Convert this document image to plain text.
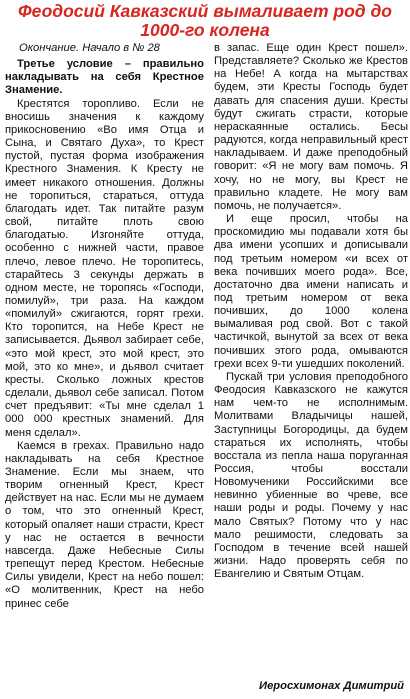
Феодосий Кавказский вымаливает род до 1000-го колена

Окончание. Начало в № 28

Третье условие – правильно накладывать на себя Крестное Знамение.

Крестятся торопливо. Если не вносишь значения к каждому прикосновению «Во имя Отца и Сына, и Святаго Духа», то Крест пустой, пустая форма изображения Крестного Знамения. К Кресту не имеет никакого отношения. Должны не торопиться, стараться, оттуда благодать идет. Так питайте разум свой, питайте плоть свою благодатью. Изгоняйте оттуда, особенно с нижней части, правое плечо, левое плечо. Не торопитесь, старайтесь 3 секунды держать в одном месте, не торопясь «Господи, помилуй», три раза. На каждом «помилуй» сжигаются, горят грехи. Кто торопится, на Небе Крест не записывается. Дьявол забирает себе, «это мой крест, это мой крест, это мой, это ко мне», и дьявол считает кресты. Сколько ложных крестов сделали, дьявол себе записал. Потом счет предъявит: «Ты мне сделал 1 000 000 крестных знамений. Для меня сделал».

Каемся в грехах. Правильно надо накладывать на себя Крестное Знамение. Если мы знаем, что творим огненный Крест, Крест действует на нас. Если мы не думаем о том, что это огненный Крест, который опаляет наши страсти, Крест у нас не остается в вечности навсегда. Даже Небесные Силы трепещут перед Крестом. Небесные Силы увидели, Крест на небо пошел: «О молитвенник, Крест на небо принес себе

в запас. Еще один Крест пошел». Представляете? Сколько же Крестов на Небе! А когда на мытарствах будем, эти Кресты Господь будет давать для спасения души. Кресты будут сжигать страсти, которые нераскаянные остались. Бесы радуются, когда неправильный крест накладываем. И даже преподобный говорит: «Я не могу вам помочь. Я хочу, но не могу, вы Крест не правильно кладете. Не могу вам помочь, не получается».

И еще просил, чтобы на проскомидию мы подавали хотя бы два имени усопших и дописывали под третьим номером «и всех от века почивших моего рода». Все, достаточно два имени написать и под третьим номером от века почивших, до 1000 колена вымаливая род свой. Вот с такой частичкой, вынутой за всех от века почивших этого рода, омываются грехи всех 9-ти ушедших поколений.

Пускай три условия преподобного Феодосия Кавказского не кажутся нам чем-то не исполнимым. Молитвами Владычицы нашей, Заступницы Богородицы, да будем стараться их исполнять, чтобы восстала из пепла наша поруганная Россия, чтобы восстали Новомученики Российскими все невинно убиенные во чреве, все наши роды и роды. Почему у нас мало Святых? Потому что у нас мало решимости, следовать за Господом в течение всей нашей жизни. Надо проверять себя по Евангелию и Святым Отцам.

Иеросхимонах Димитрий
